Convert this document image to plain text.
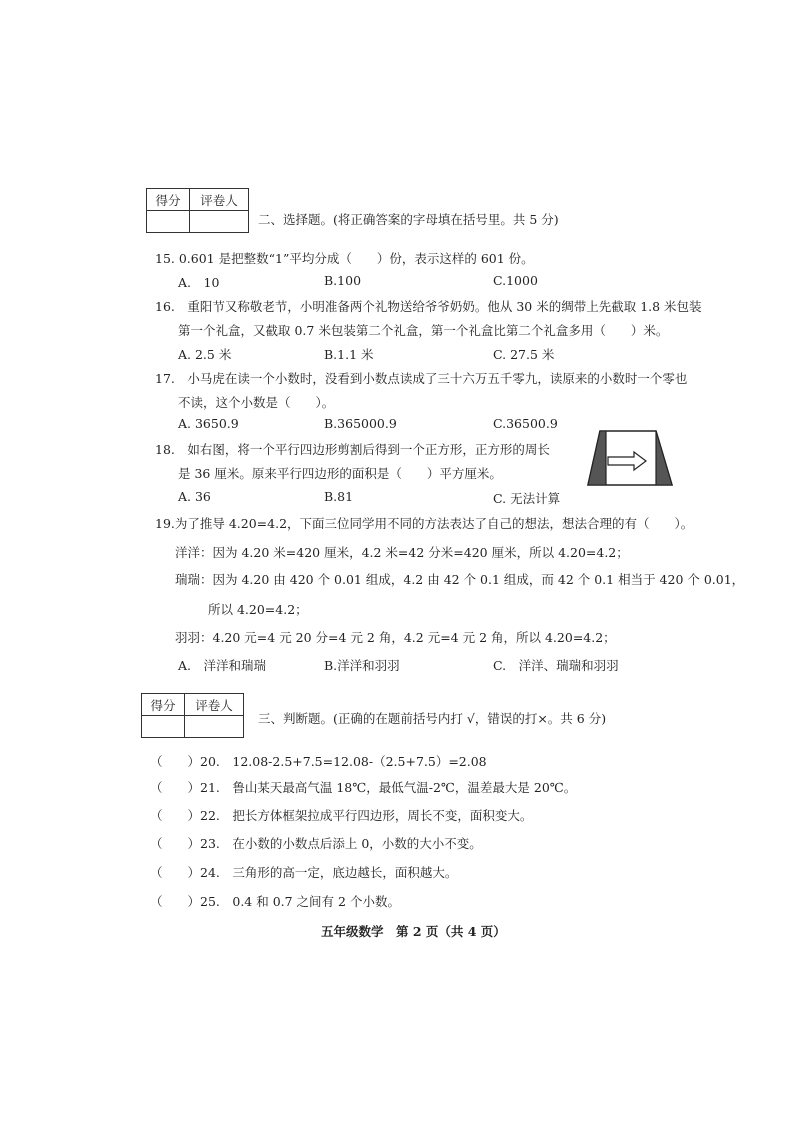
得分	评卷人

二、选择题。(将正确答案的字母填在括号里。共 5 分)
15. 0.601 是把整数“1”平均分成（　　）份，表示这样的 601 份。
A.　10	B.100	C.1000
16.　重阳节又称敬老节，小明准备两个礼物送给爷爷奶奶。他从 30 米的绸带上先截取 1.8 米包装
第一个礼盒，又截取 0.7 米包装第二个礼盒，第一个礼盒比第二个礼盒多用（　　）米。
A. 2.5 米	B.1.1 米	C. 27.5 米
17.　小马虎在读一个小数时，没看到小数点读成了三十六万五千零九，读原来的小数时一个零也
不读，这个小数是（　　）。
A. 3650.9	B.365000.9	C.36500.9
18.　如右图，将一个平行四边形剪割后得到一个正方形，正方形的周长
是 36 厘米。原来平行四边形的面积是（　　）平方厘米。
A. 36	B.81	C. 无法计算
19.为了推导 4.20=4.2，下面三位同学用不同的方法表达了自己的想法，想法合理的有（　　）。
洋洋：因为 4.20 米=420 厘米，4.2 米=42 分米=420 厘米，所以 4.20=4.2；
瑞瑞：因为 4.20 由 420 个 0.01 组成，4.2 由 42 个 0.1 组成，而 42 个 0.1 相当于 420 个 0.01，
所以 4.20=4.2；
羽羽：4.20 元=4 元 20 分=4 元 2 角，4.2 元=4 元 2 角，所以 4.20=4.2；
A.　洋洋和瑞瑞	B.洋洋和羽羽	C.　洋洋、瑞瑞和羽羽
得分	评卷人

三、判断题。(正确的在题前括号内打 √，错误的打×。共 6 分)
（　　）20.　12.08-2.5+7.5=12.08-（2.5+7.5）=2.08
（　　）21.　鲁山某天最高气温 18℃，最低气温-2℃，温差最大是 20℃。
（　　）22.　把长方体框架拉成平行四边形，周长不变，面积变大。
（　　）23.　在小数的小数点后添上 0，小数的大小不变。
（　　）24.　三角形的高一定，底边越长，面积越大。
（　　）25.　0.4 和 0.7 之间有 2 个小数。
五年级数学　第 2 页（共 4 页）
